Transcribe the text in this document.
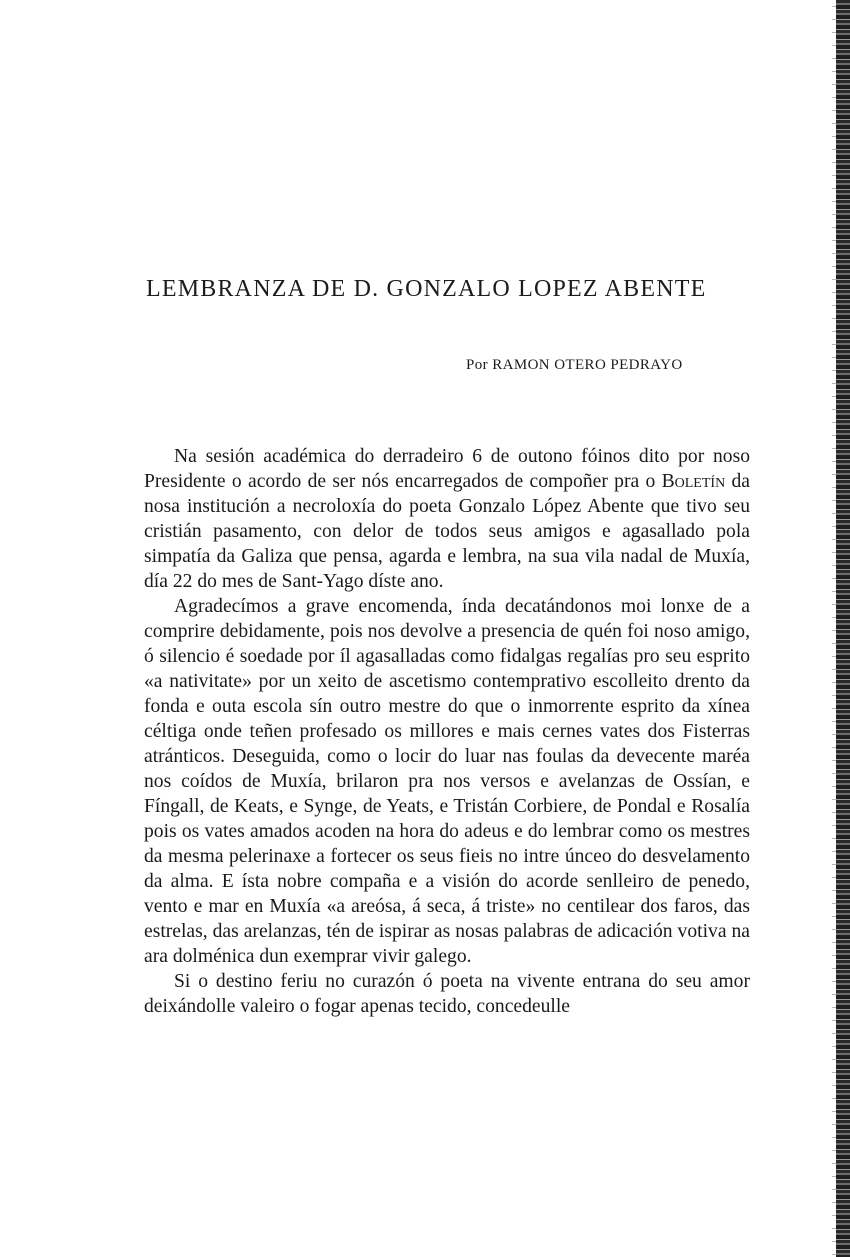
LEMBRANZA DE D. GONZALO LOPEZ ABENTE
Por RAMON OTERO PEDRAYO

Na sesión académica do derradeiro 6 de outono fóinos dito por noso Presidente o acordo de ser nós encarregados de compoñer pra o Boletín da nosa institución a necroloxía do poeta Gonzalo López Abente que tivo seu cristián pasamento, con delor de todos seus amigos e agasallado pola simpatía da Galiza que pensa, agarda e lembra, na sua vila nadal de Muxía, día 22 do mes de Sant-Yago díste ano.

Agradecímos a grave encomenda, índa decatándonos moi lonxe de a comprire debidamente, pois nos devolve a presencia de quén foi noso amigo, ó silencio é soedade por íl agasalladas como fidalgas regalías pro seu esprito «a nativitate» por un xeito de ascetismo contemprativo escolleito drento da fonda e outa escola sín outro mestre do que o inmorrente esprito da xínea céltiga onde teñen profesado os millores e mais cernes vates dos Fisterras atránticos. Deseguida, como o locir do luar nas foulas da devecente maréa nos coídos de Muxía, brilaron pra nos versos e avelanzas de Ossían, e Fíngall, de Keats, e Synge, de Yeats, e Tristán Corbiere, de Pondal e Rosalía pois os vates amados acoden na hora do adeus e do lembrar como os mestres da mesma pelerinaxe a fortecer os seus fieis no intre únceo do desvelamento da alma. E ísta nobre compaña e a visión do acorde senlleiro de penedo, vento e mar en Muxía «a areósa, á seca, á triste» no centilear dos faros, das estrelas, das arelanzas, tén de ispirar as nosas palabras de adicación votiva na ara dolménica dun exemprar vivir galego.

Si o destino feriu no curazón ó poeta na vivente entrana do seu amor deixándolle valeiro o fogar apenas tecido, concedeulle
